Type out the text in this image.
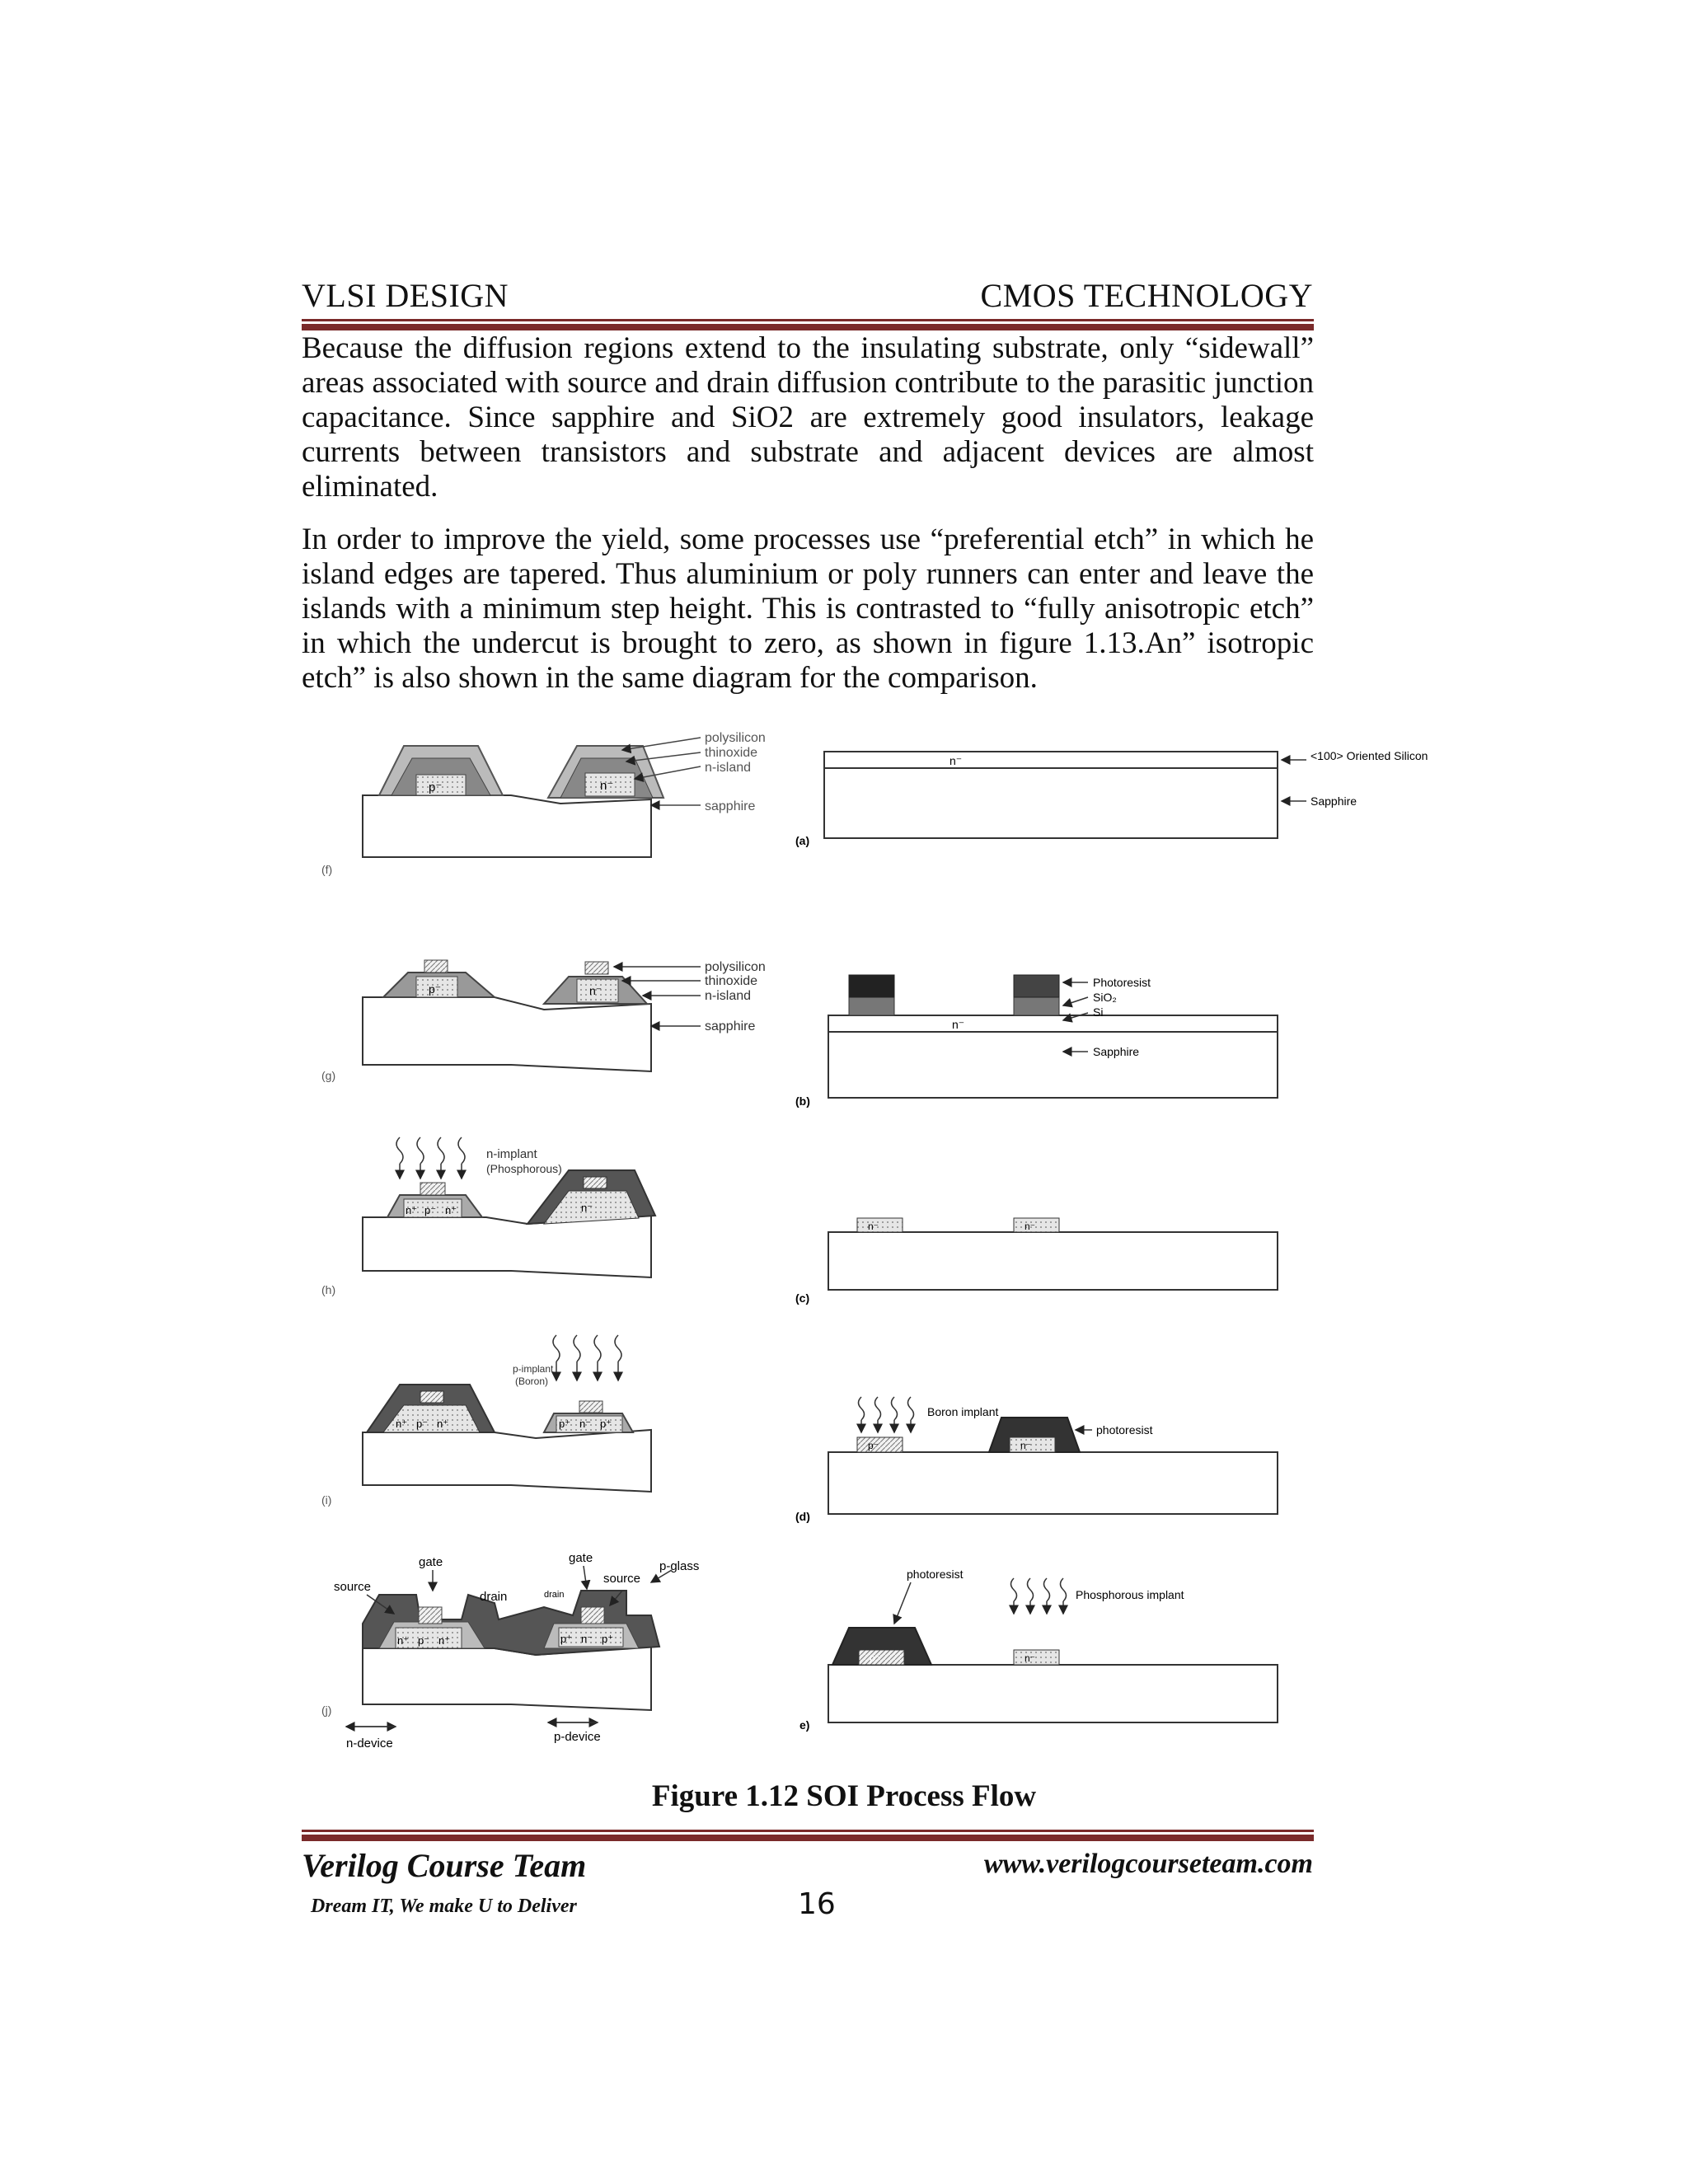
VLSI DESIGN	CMOS TECHNOLOGY

Because the diffusion regions extend to the insulating substrate, only “sidewall” areas associated with source and drain diffusion contribute to the parasitic junction capacitance. Since sapphire and SiO2 are extremely good insulators, leakage currents between transistors and substrate and adjacent devices are almost eliminated.

In order to improve the yield, some processes use “preferential etch” in which he island edges are tapered. Thus aluminium or poly runners can enter and leave the islands with a minimum step height. This is contrasted to “fully anisotropic etch” in which the undercut is brought to zero, as shown in figure 1.13.An” isotropic etch” is also shown in the same diagram for the comparison.

p⁻	n⁻
polysilicon
thinoxide
n-island
sapphire
(f)
n⁻	<100> Oriented Silicon
Sapphire
(a)
p⁻	n⁻
polysilicon
thinoxide
n-island
sapphire
(g)
n⁻
Photoresist
SiO₂
Si
Sapphire
(b)
n⁺ p⁻ n⁺	n⁻
n-implant
(Phosphorous)
(h)
n⁻	n⁻
(c)
n⁺ p⁻ n⁺	p⁺ n⁻ p⁺
p-implant
(Boron)
(i)
p⁻	n⁻
Boron implant
photoresist
(d)
n⁺ p⁻ n⁺	p⁺ n⁻ p⁺
gate	gate
source
source
drain	drain
p-glass
n-device	p-device
(j)
p⁻	n⁻
photoresist
Phosphorous implant
e)
Figure 1.12 SOI Process Flow
Verilog Course Team	www.verilogcourseteam.com
Dream IT, We make U to Deliver	16
